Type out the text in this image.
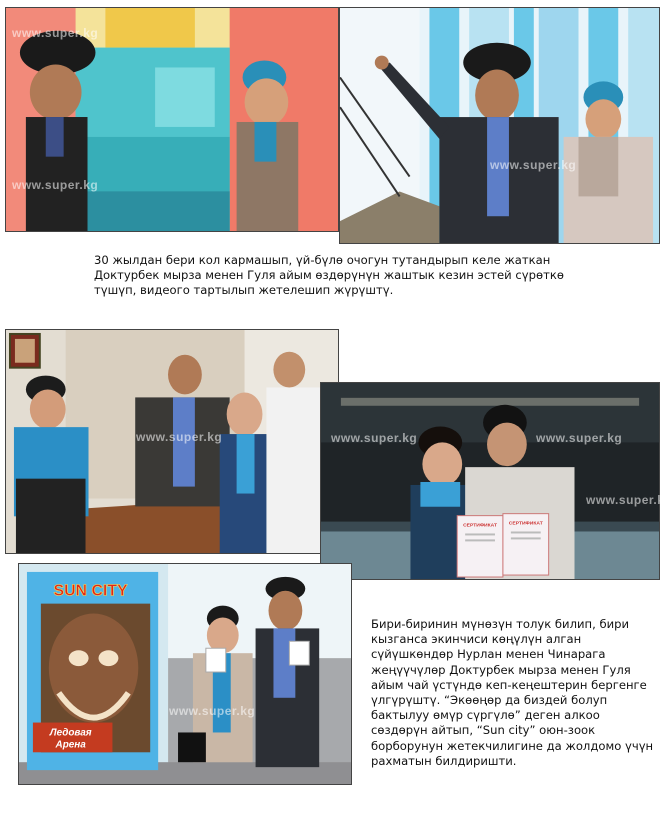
www.super.kg
www.super.kg
www.super.kg

30 жылдан бери кол кармашып, үй-бүлө очогун тутандырып келе жаткан Доктурбек мырза менен Гуля айым өздөрүнүн жаштык кезин эстей сүрөткө түшүп, видеого тартылып жетелешип жүрүштү.

www.super.kg
СЕРТИФИКАТ СЕРТИФИКАТ
www.super.kg	www.super.kg
www.super.kg
SUN CITY
Ледовая
Арена
www.super.kg

Бири-биринин мүнөзүн толук билип, бири кызганса экинчиси көңүлүн алган сүйүшкөндөр Нурлан менен Чинарага жеңүүчүлөр Доктурбек мырза менен Гуля айым чай үстүндө кеп-кеңештерин бергенге үлгүрүштү. “Экөөңөр да биздей болуп бактылуу өмүр сүргүлө” деген алкоо сөздөрүн айтып, “Sun city” оюн-зоок борборунун жетекчилигине да жолдомо үчүн рахматын билдиришти.
